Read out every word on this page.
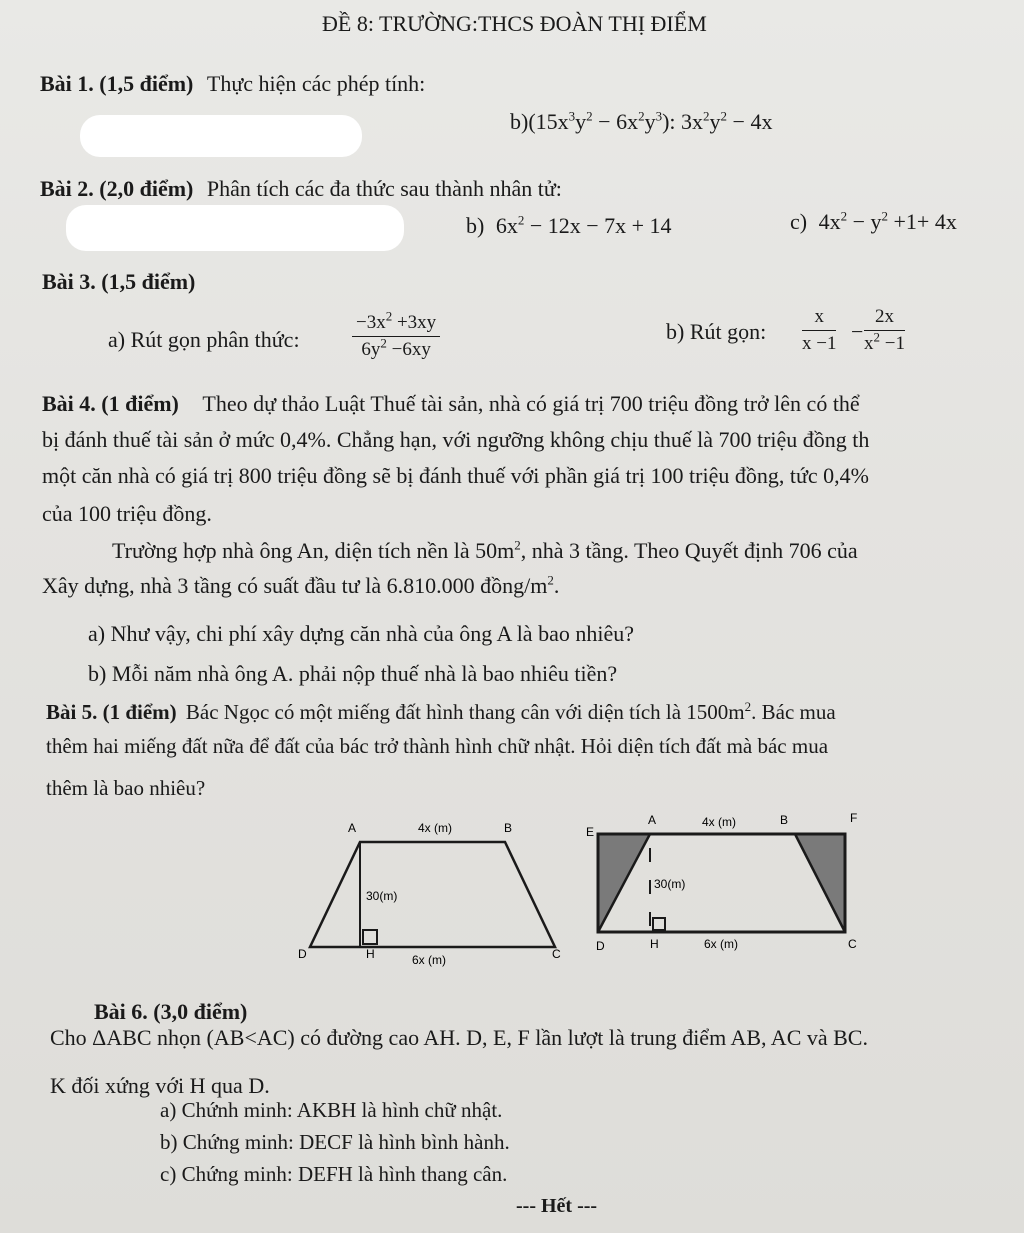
ĐỀ 8: TRƯỜNG:THCS ĐOÀN THỊ ĐIỂM
Bài 1. (1,5 điểm) Thực hiện các phép tính:
$b)(15x^3y^2 - 6x^2y^3)$: $3x^2y^2 - 4x$
Bài 2. (2,0 điểm) Phân tích các đa thức sau thành nhân tử:
b) $6x^2 - 12x - 7x + 14$	c) $4x^2 - y^2 +1+ 4x$
Bài 3. (1,5 điểm)
a) Rút gọn phân thức:	$\frac{-3x^2 +3xy}{6y^2 -6xy}$	b) Rút gọn: $\frac{x}{x -1} - \frac{2x}{x^2 -1}$
Bài 4. (1 điểm) Theo dự thảo Luật Thuế tài sản, nhà có giá trị 700 triệu đồng trở lên có thể
bị đánh thuế tài sản ở mức 0,4%. Chẳng hạn, với ngưỡng không chịu thuế là 700 triệu đồng th
một căn nhà có giá trị 800 triệu đồng sẽ bị đánh thuế với phần giá trị 100 triệu đồng, tức 0,4%
của 100 triệu đồng.
Trường hợp nhà ông An, diện tích nền là $50m^2$, nhà 3 tầng. Theo Quyết định 706 của
Xây dựng, nhà 3 tầng có suất đầu tư là 6.810.000 đồng/$m^2$.
a) Như vậy, chi phí xây dựng căn nhà của ông A là bao nhiêu?
b) Mỗi năm nhà ông A. phải nộp thuế nhà là bao nhiêu tiền?
Bài 5. (1 điểm) Bác Ngọc có một miếng đất hình thang cân với diện tích là $1500m^2$. Bác mua
thêm hai miếng đất nữa để đất của bác trở thành hình chữ nhật. Hỏi diện tích đất mà bác mua
thêm là bao nhiêu?
A	4x (m)	B
30(m)
D	H	6x (m)	C
E
A	4x (m)	B	F
30(m)
D	H	6x (m)	C
Bài 6. (3,0 điểm)
Cho ΔABC nhọn (AB<AC) có đường cao AH. D, E, F lần lượt là trung điểm AB, AC và BC.
K đối xứng với H qua D.
a) Chứnh minh: AKBH là hình chữ nhật.
b) Chứng minh: DECF là hình bình hành.
c) Chứng minh: DEFH là hình thang cân.
--- Hết ---
